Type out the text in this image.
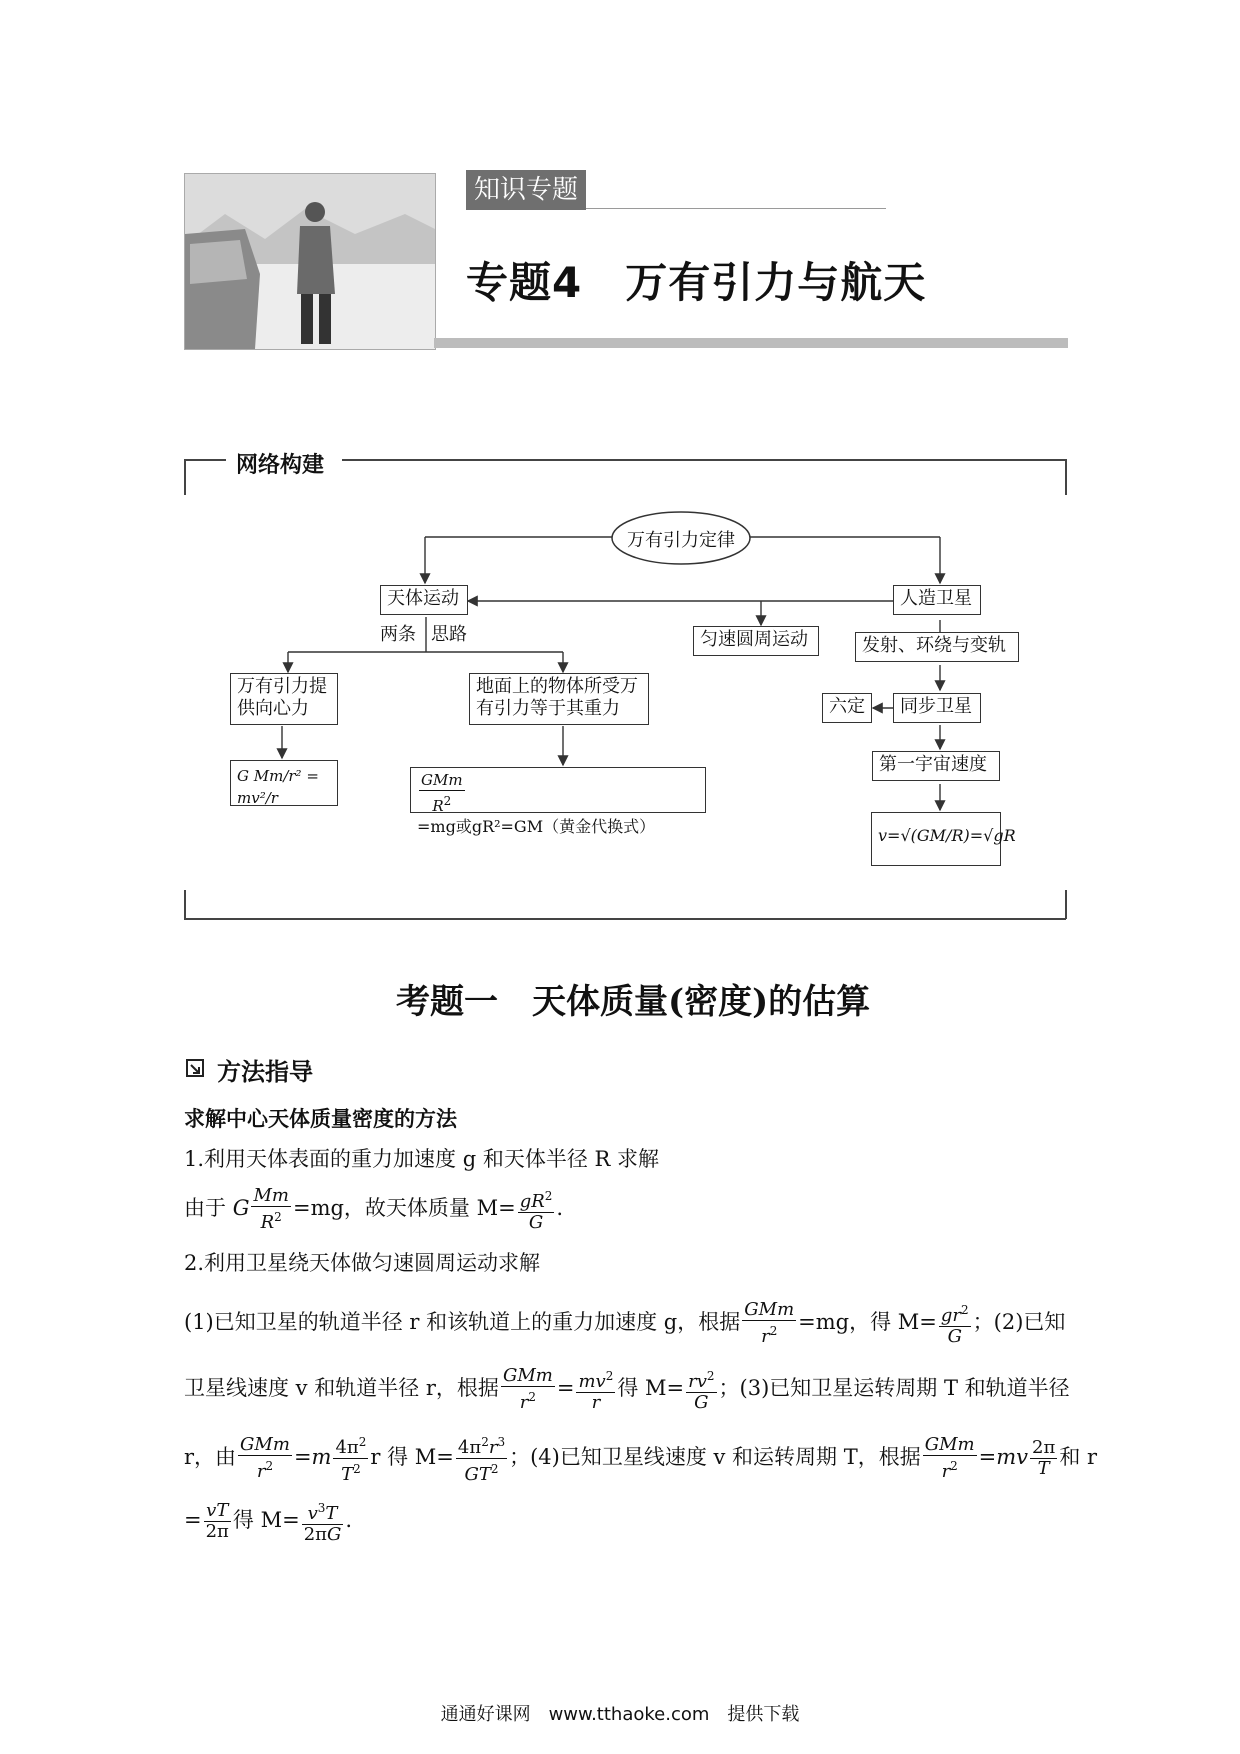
知识专题
专题4　万有引力与航天
网络构建
万有引力定律
天体运动
两条 思路	匀速圆周运动
人造卫星
万有引力提供向心力
地面上的物体所受万有引力等于其重力
G Mm/r² = mv²/r	$\frac{\text{GMm}}{R^2}$
=mg或gR²=GM（黄金代换式）
发射、环绕与变轨
同步卫星
六定
第一宇宙速度
v=√(GM/R)=√gR
考题一　天体质量(密度)的估算
方法指导
求解中心天体质量密度的方法
1.利用天体表面的重力加速度 g 和天体半径 R 求解
由于 G $\frac{Mm}{R^2} =mg$，故天体质量 $M= \frac{gR^2}{G}$ .
2.利用卫星绕天体做匀速圆周运动求解
(1)已知卫星的轨道半径 r 和该轨道上的重力加速度 g，根据 $\frac{\text{GMm}}{r^2} =mg$，得 $M= \frac{gr^2}{G}$ ；(2)已知
卫星线速度 v 和轨道半径 r，根据 $\frac{\text{GMm}}{r^2} = \frac{mv^2}{r}$ 得 $M= \frac{rv^2}{G}$ ；(3)已知卫星运转周期 T 和轨道半径
r，由 $\frac{\text{GMm}}{r^2} =m \frac{4\pi^2}{T^2}$ r 得 $M= \frac{4\pi^2r^3}{GT^2}$ ；(4)已知卫星线速度 v 和运转周期 T，根据 $\frac{\text{GMm}}{r^2} =mv \frac{2\pi}{T}$ 和 r
= $\frac{vT}{2\pi}$ 得 $M= \frac{v^3T}{2\pi G}$ .
通通好课网　www.tthaoke.com　提供下载
